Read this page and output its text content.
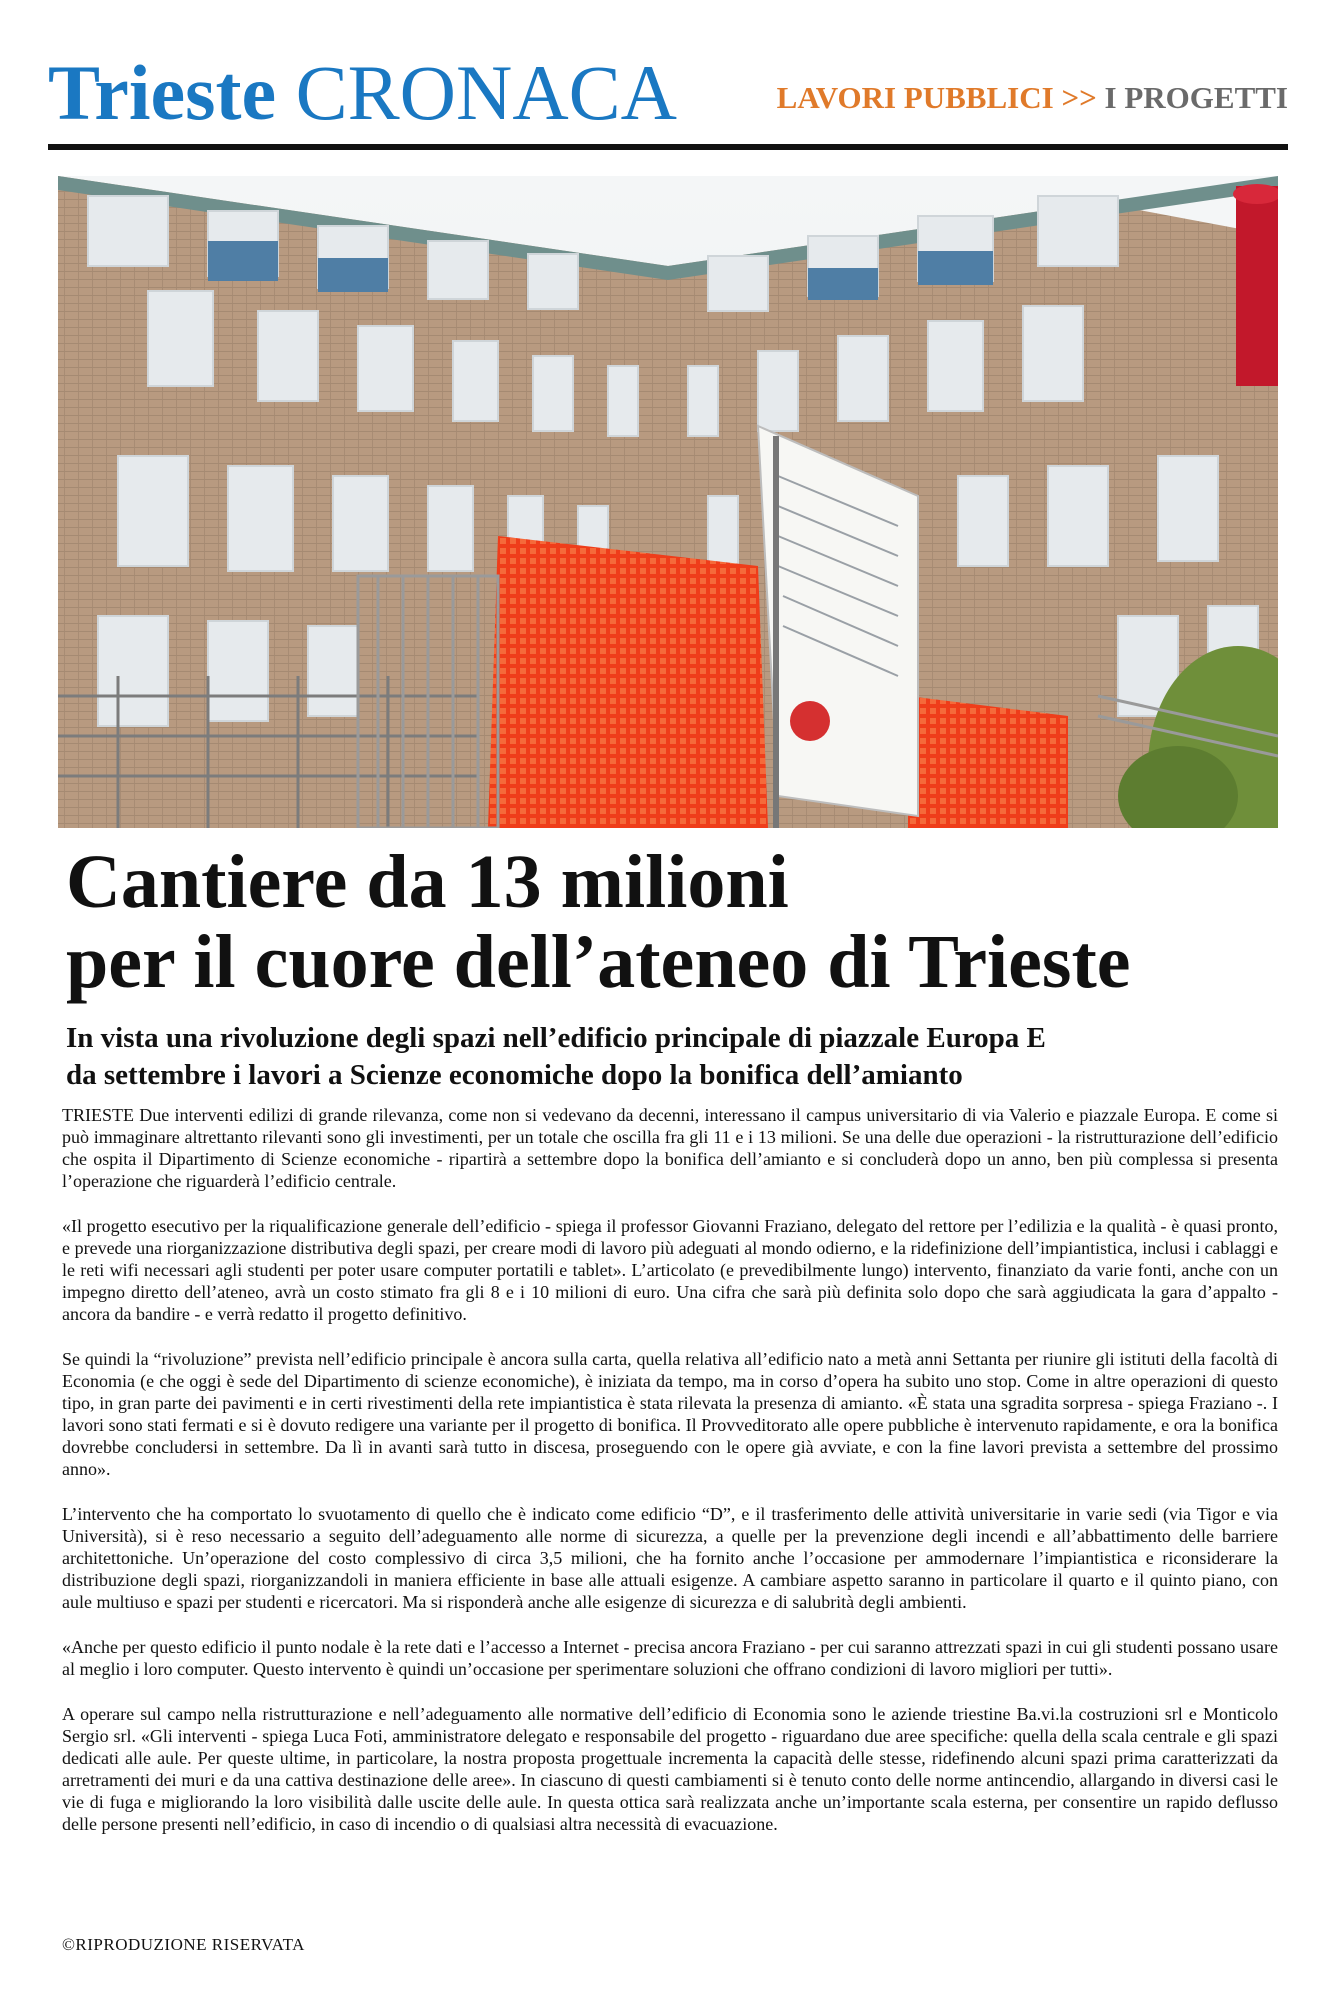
Trieste CRONACA	LAVORI PUBBLICI >> I PROGETTI
Cantiere da 13 milioni
per il cuore dell’ateneo di Trieste
In vista una rivoluzione degli spazi nell’edificio principale di piazzale Europa E
da settembre i lavori a Scienze economiche dopo la bonifica dell’amianto

TRIESTE Due interventi edilizi di grande rilevanza, come non si vedevano da decenni, interessano il campus universitario di via Valerio e piazzale Europa. E come si può immaginare altrettanto rilevanti sono gli investimenti, per un totale che oscilla fra gli 11 e i 13 milioni. Se una delle due operazioni - la ristrutturazione dell’edificio che ospita il Dipartimento di Scienze economiche - ripartirà a settembre dopo la bonifica dell’amianto e si concluderà dopo un anno, ben più complessa si presenta l’operazione che riguarderà l’edificio centrale.

«Il progetto esecutivo per la riqualificazione generale dell’edificio - spiega il professor Giovanni Fraziano, delegato del rettore per l’edilizia e la qualità - è quasi pronto, e prevede una riorganizzazione distributiva degli spazi, per creare modi di lavoro più adeguati al mondo odierno, e la ridefinizione dell’impiantistica, inclusi i cablaggi e le reti wifi necessari agli studenti per poter usare computer portatili e tablet». L’articolato (e prevedibilmente lungo) intervento, finanziato da varie fonti, anche con un impegno diretto dell’ateneo, avrà un costo stimato fra gli 8 e i 10 milioni di euro. Una cifra che sarà più definita solo dopo che sarà aggiudicata la gara d’appalto - ancora da bandire - e verrà redatto il progetto definitivo.

Se quindi la “rivoluzione” prevista nell’edificio principale è ancora sulla carta, quella relativa all’edificio nato a metà anni Settanta per riunire gli istituti della facoltà di Economia (e che oggi è sede del Dipartimento di scienze economiche), è iniziata da tempo, ma in corso d’opera ha subito uno stop. Come in altre operazioni di questo tipo, in gran parte dei pavimenti e in certi rivestimenti della rete impiantistica è stata rilevata la presenza di amianto. «È stata una sgradita sorpresa - spiega Fraziano -. I lavori sono stati fermati e si è dovuto redigere una variante per il progetto di bonifica. Il Provveditorato alle opere pubbliche è intervenuto rapidamente, e ora la bonifica dovrebbe concludersi in settembre. Da lì in avanti sarà tutto in discesa, proseguendo con le opere già avviate, e con la fine lavori prevista a settembre del prossimo anno».

L’intervento che ha comportato lo svuotamento di quello che è indicato come edificio “D”, e il trasferimento delle attività universitarie in varie sedi (via Tigor e via Università), si è reso necessario a seguito dell’adeguamento alle norme di sicurezza, a quelle per la prevenzione degli incendi e all’abbattimento delle barriere architettoniche. Un’operazione del costo complessivo di circa 3,5 milioni, che ha fornito anche l’occasione per ammodernare l’impiantistica e riconsiderare la distribuzione degli spazi, riorganizzandoli in maniera efficiente in base alle attuali esigenze. A cambiare aspetto saranno in particolare il quarto e il quinto piano, con aule multiuso e spazi per studenti e ricercatori. Ma si risponderà anche alle esigenze di sicurezza e di salubrità degli ambienti.

«Anche per questo edificio il punto nodale è la rete dati e l’accesso a Internet - precisa ancora Fraziano - per cui saranno attrezzati spazi in cui gli studenti possano usare al meglio i loro computer. Questo intervento è quindi un’occasione per sperimentare soluzioni che offrano condizioni di lavoro migliori per tutti».

A operare sul campo nella ristrutturazione e nell’adeguamento alle normative dell’edificio di Economia sono le aziende triestine Ba.vi.la costruzioni srl e Monticolo Sergio srl. «Gli interventi - spiega Luca Foti, amministratore delegato e responsabile del progetto - riguardano due aree specifiche: quella della scala centrale e gli spazi dedicati alle aule. Per queste ultime, in particolare, la nostra proposta progettuale incrementa la capacità delle stesse, ridefinendo alcuni spazi prima caratterizzati da arretramenti dei muri e da una cattiva destinazione delle aree». In ciascuno di questi cambiamenti si è tenuto conto delle norme antincendio, allargando in diversi casi le vie di fuga e migliorando la loro visibilità dalle uscite delle aule. In questa ottica sarà realizzata anche un’importante scala esterna, per consentire un rapido deflusso delle persone presenti nell’edificio, in caso di incendio o di qualsiasi altra necessità di evacuazione.

©RIPRODUZIONE RISERVATA
